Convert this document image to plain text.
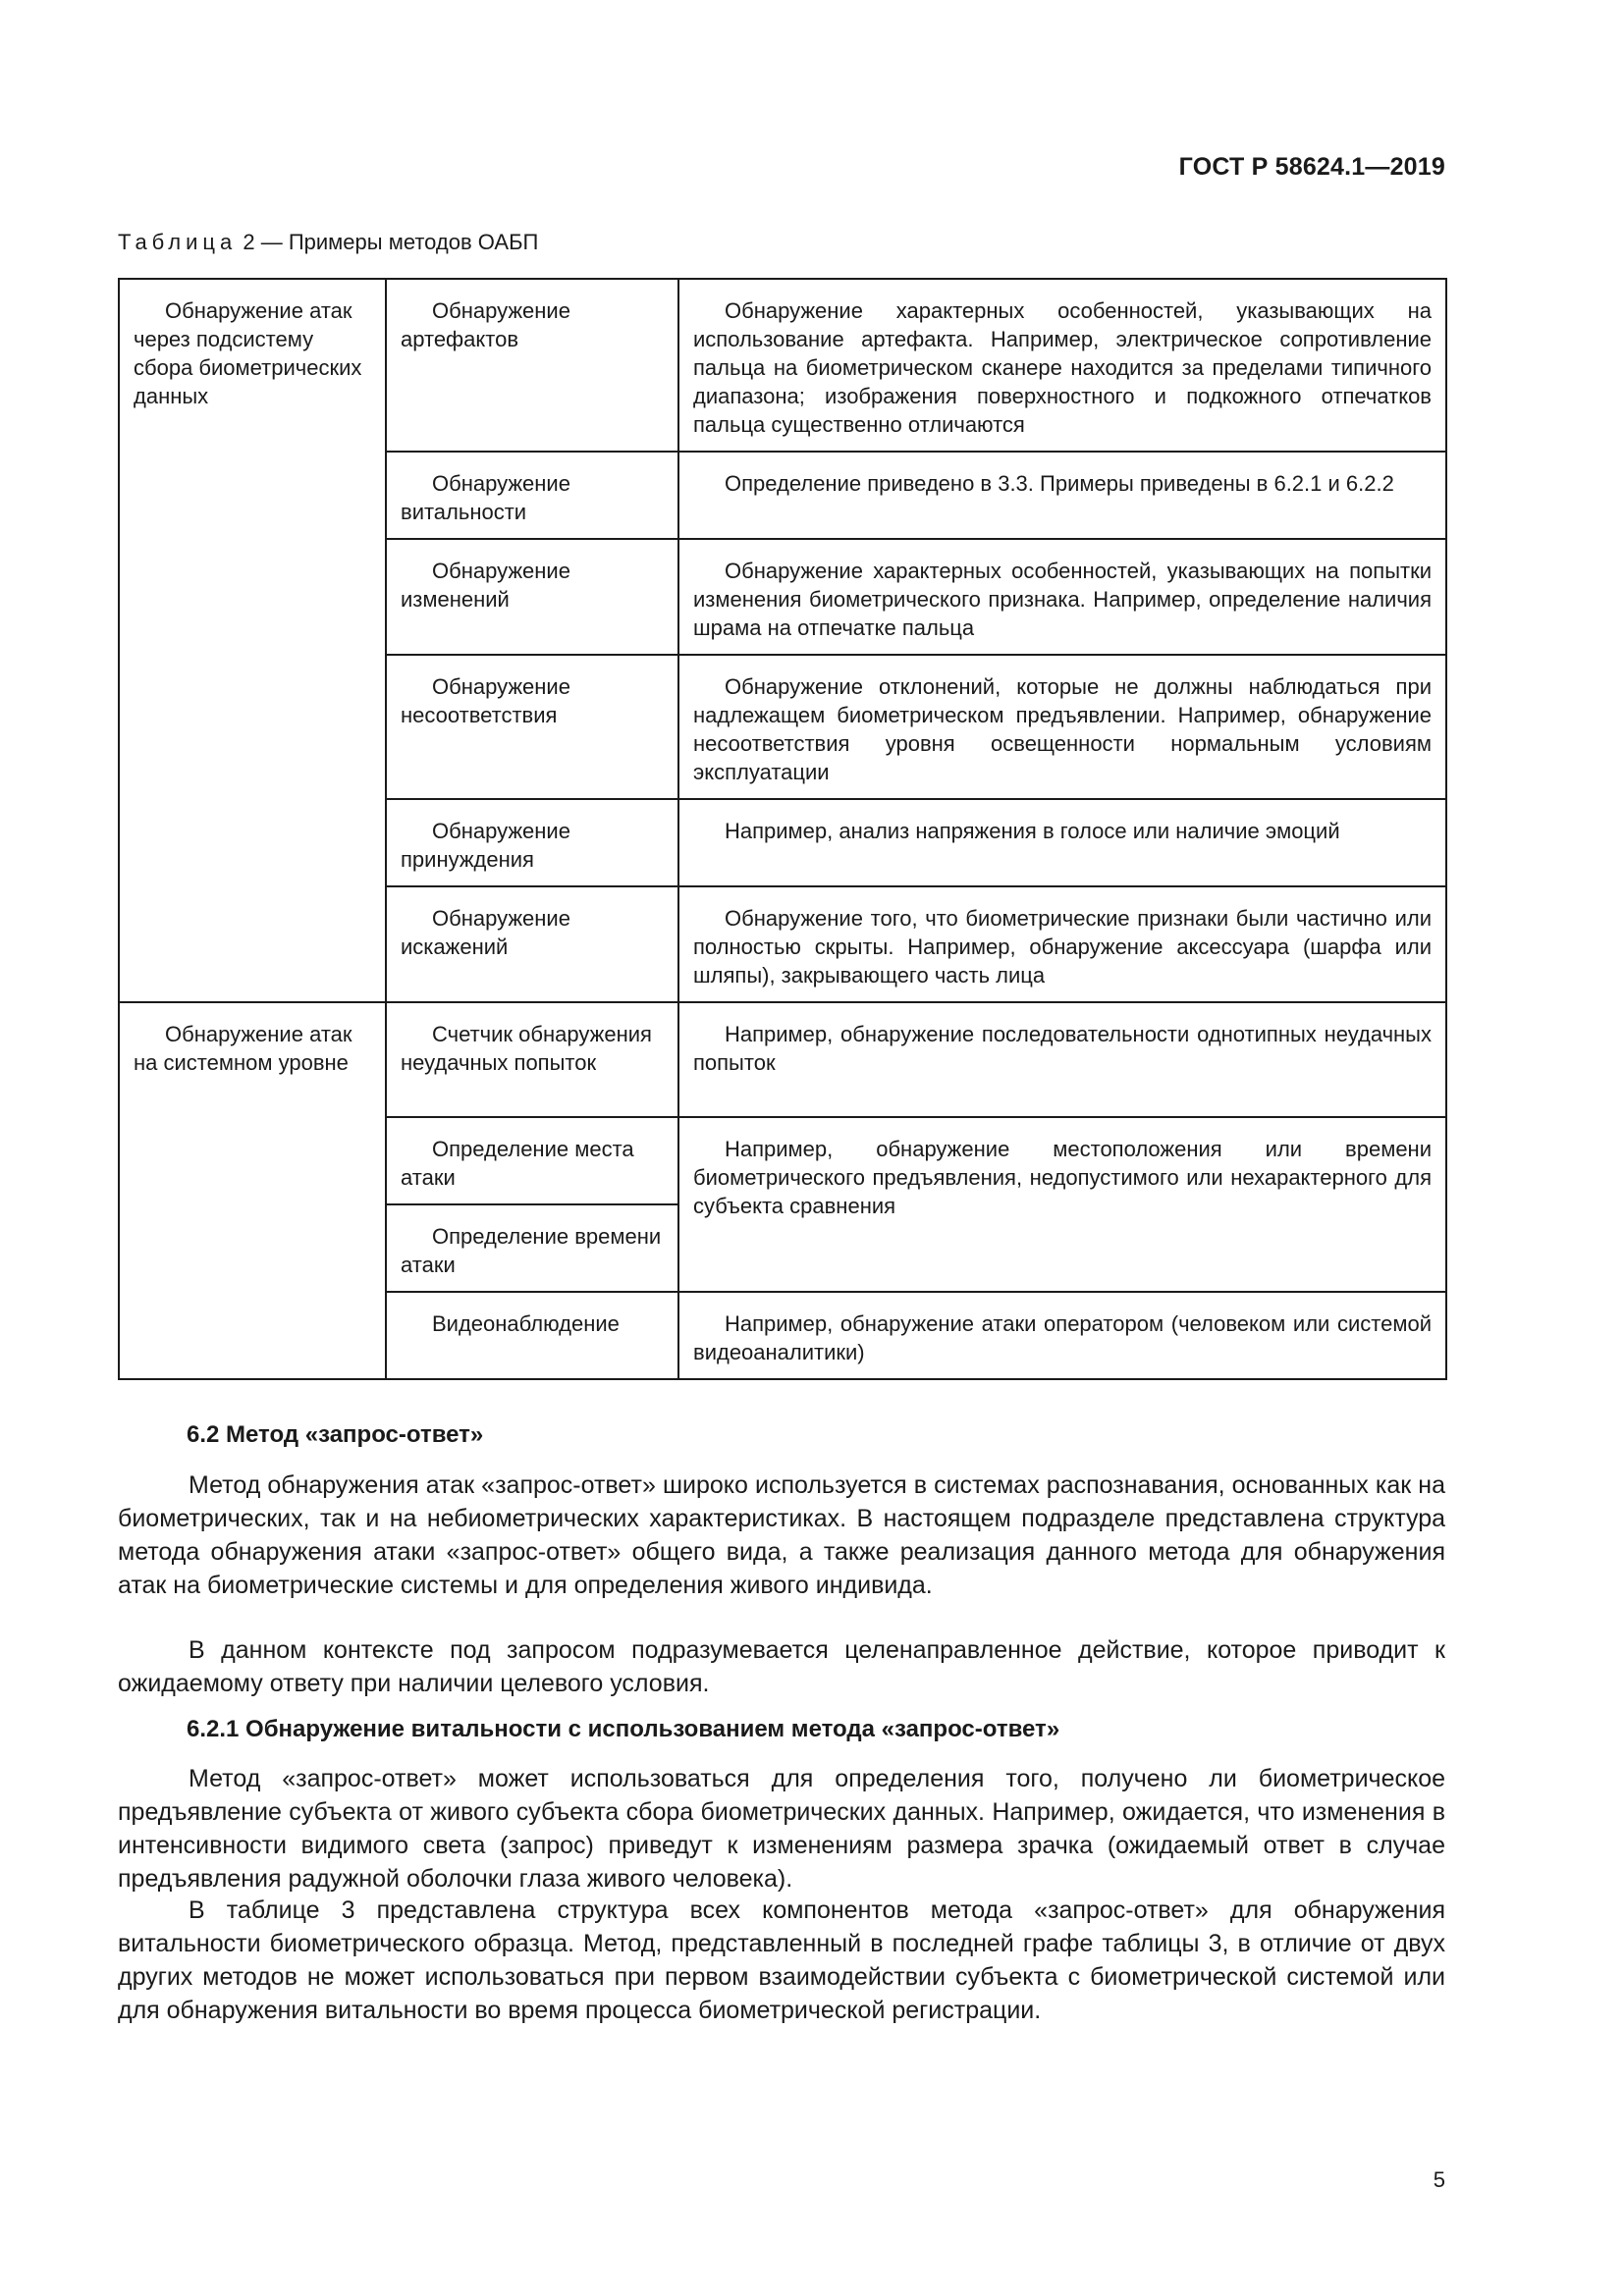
ГОСТ Р 58624.1—2019
Таблица 2 — Примеры методов ОАБП
Обнаружение атак через подсистему сбора биометрических данных	Обнаружение артефактов	Обнаружение характерных особенностей, указывающих на использование артефакта. Например, электрическое сопротивление пальца на биометрическом сканере находится за пределами типичного диапазона; изображения поверхностного и подкожного отпечатков пальца существенно отличаются
	Обнаружение витальности	Определение приведено в 3.3. Примеры приведены в 6.2.1 и 6.2.2
	Обнаружение изменений	Обнаружение характерных особенностей, указывающих на попытки изменения биометрического признака. Например, определение наличия шрама на отпечатке пальца
	Обнаружение несоответствия	Обнаружение отклонений, которые не должны наблюдаться при надлежащем биометрическом предъявлении. Например, обнаружение несоответствия уровня освещенности нормальным условиям эксплуатации
	Обнаружение принуждения	Например, анализ напряжения в голосе или наличие эмоций
	Обнаружение искажений	Обнаружение того, что биометрические признаки были частично или полностью скрыты. Например, обнаружение аксессуара (шарфа или шляпы), закрывающего часть лица
Обнаружение атак на системном уровне	Счетчик обнаружения неудачных попыток	Например, обнаружение последовательности однотипных неудачных попыток
	Определение места атаки	Например, обнаружение местоположения или времени биометрического предъявления, недопустимого или нехарактерного для субъекта сравнения
	Определение времени атаки	
	Видеонаблюдение	Например, обнаружение атаки оператором (человеком или системой видеоаналитики)
6.2 Метод «запрос-ответ»

Метод обнаружения атак «запрос-ответ» широко используется в системах распознавания, основанных как на биометрических, так и на небиометрических характеристиках. В настоящем подразделе представлена структура метода обнаружения атаки «запрос-ответ» общего вида, а также реализация данного метода для обнаружения атак на биометрические системы и для определения живого индивида.

В данном контексте под запросом подразумевается целенаправленное действие, которое приводит к ожидаемому ответу при наличии целевого условия.

6.2.1 Обнаружение витальности с использованием метода «запрос-ответ»

Метод «запрос-ответ» может использоваться для определения того, получено ли биометрическое предъявление субъекта от живого субъекта сбора биометрических данных. Например, ожидается, что изменения в интенсивности видимого света (запрос) приведут к изменениям размера зрачка (ожидаемый ответ в случае предъявления радужной оболочки глаза живого человека).

В таблице 3 представлена структура всех компонентов метода «запрос-ответ» для обнаружения витальности биометрического образца. Метод, представленный в последней графе таблицы 3, в отличие от двух других методов не может использоваться при первом взаимодействии субъекта с биометрической системой или для обнаружения витальности во время процесса биометрической регистрации.

5
